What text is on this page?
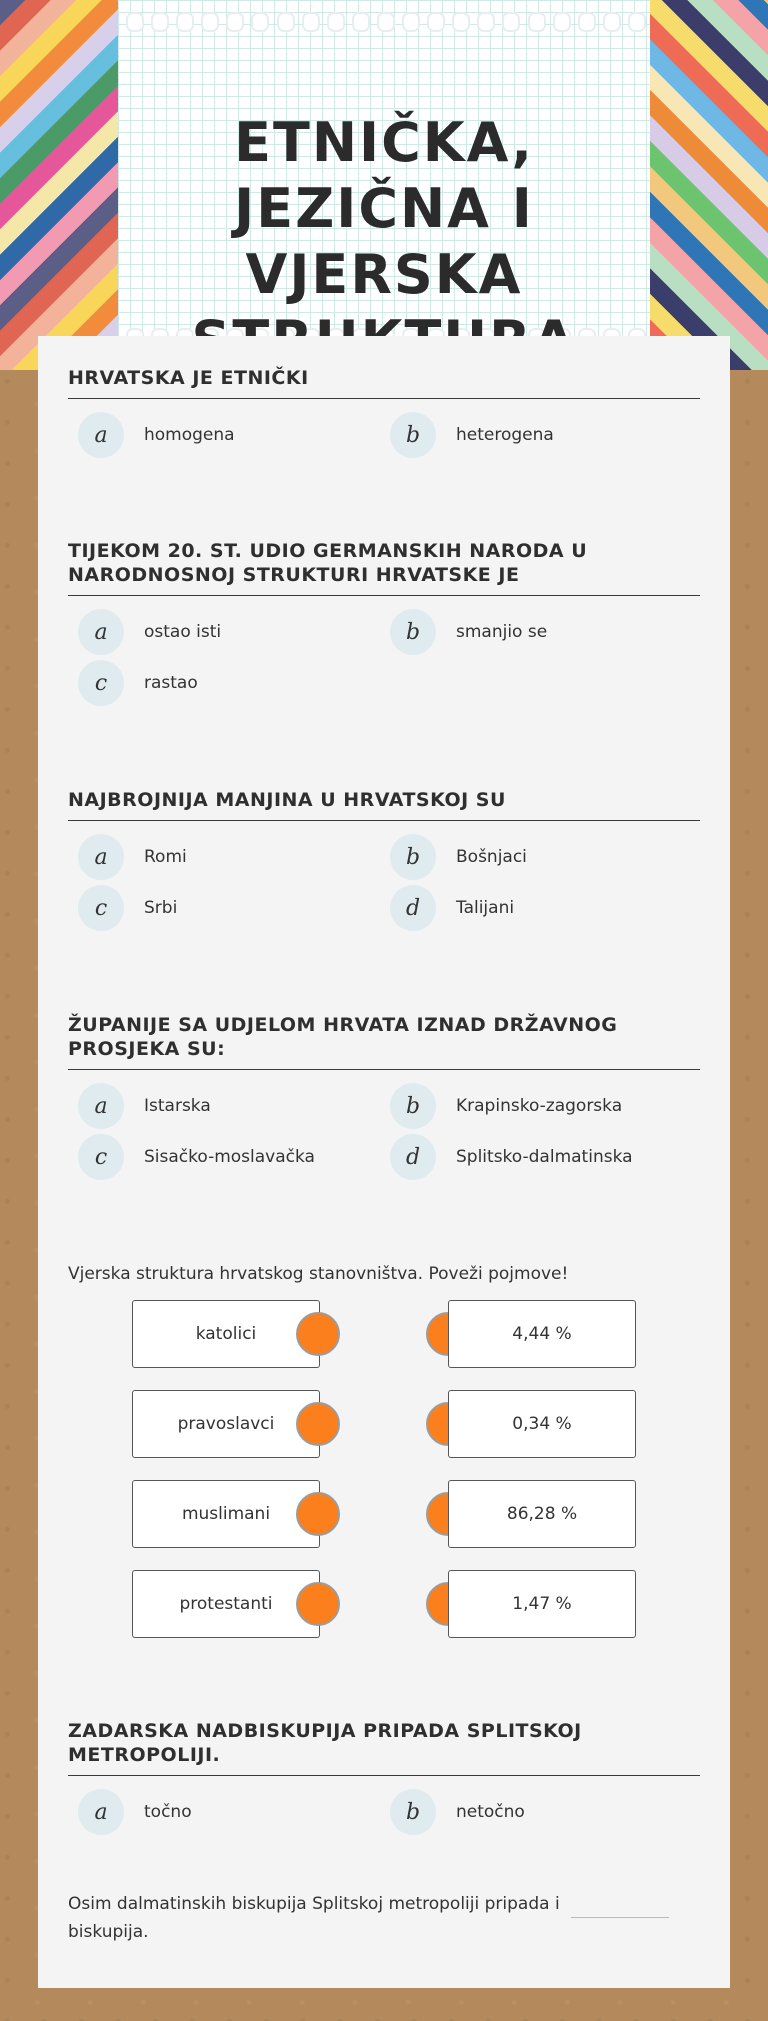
ETNIČKA, JEZIČNA I VJERSKA
HRVATSKA JE ETNIČKI
a	homogena	b	heterogena
TIJEKOM 20. ST. UDIO GERMANSKIH NARODA U NARODNOSNOJ STRUKTURI HRVATSKE JE
a	ostao isti	b	smanjio se
c	rastao
NAJBROJNIJA MANJINA U HRVATSKOJ SU
a	Romi	b	Bošnjaci
c	Srbi	d	Talijani
ŽUPANIJE SA UDJELOM HRVATA IZNAD DRŽAVNOG PROSJEKA SU:
a	Istarska	b	Krapinsko-zagorska
c	Sisačko-moslavačka	d	Splitsko-dalmatinska
Vjerska struktura hrvatskog stanovništva. Poveži pojmove!
katolici
pravoslavci
muslimani
protestanti
4,44 %
0,34 %
86,28 %
1,47 %
ZADARSKA NADBISKUPIJA PRIPADA SPLITSKOJ METROPOLIJI.
a	točno	b	netočno
Osim dalmatinskih biskupija Splitskoj metropoliji pripada i
biskupija.
